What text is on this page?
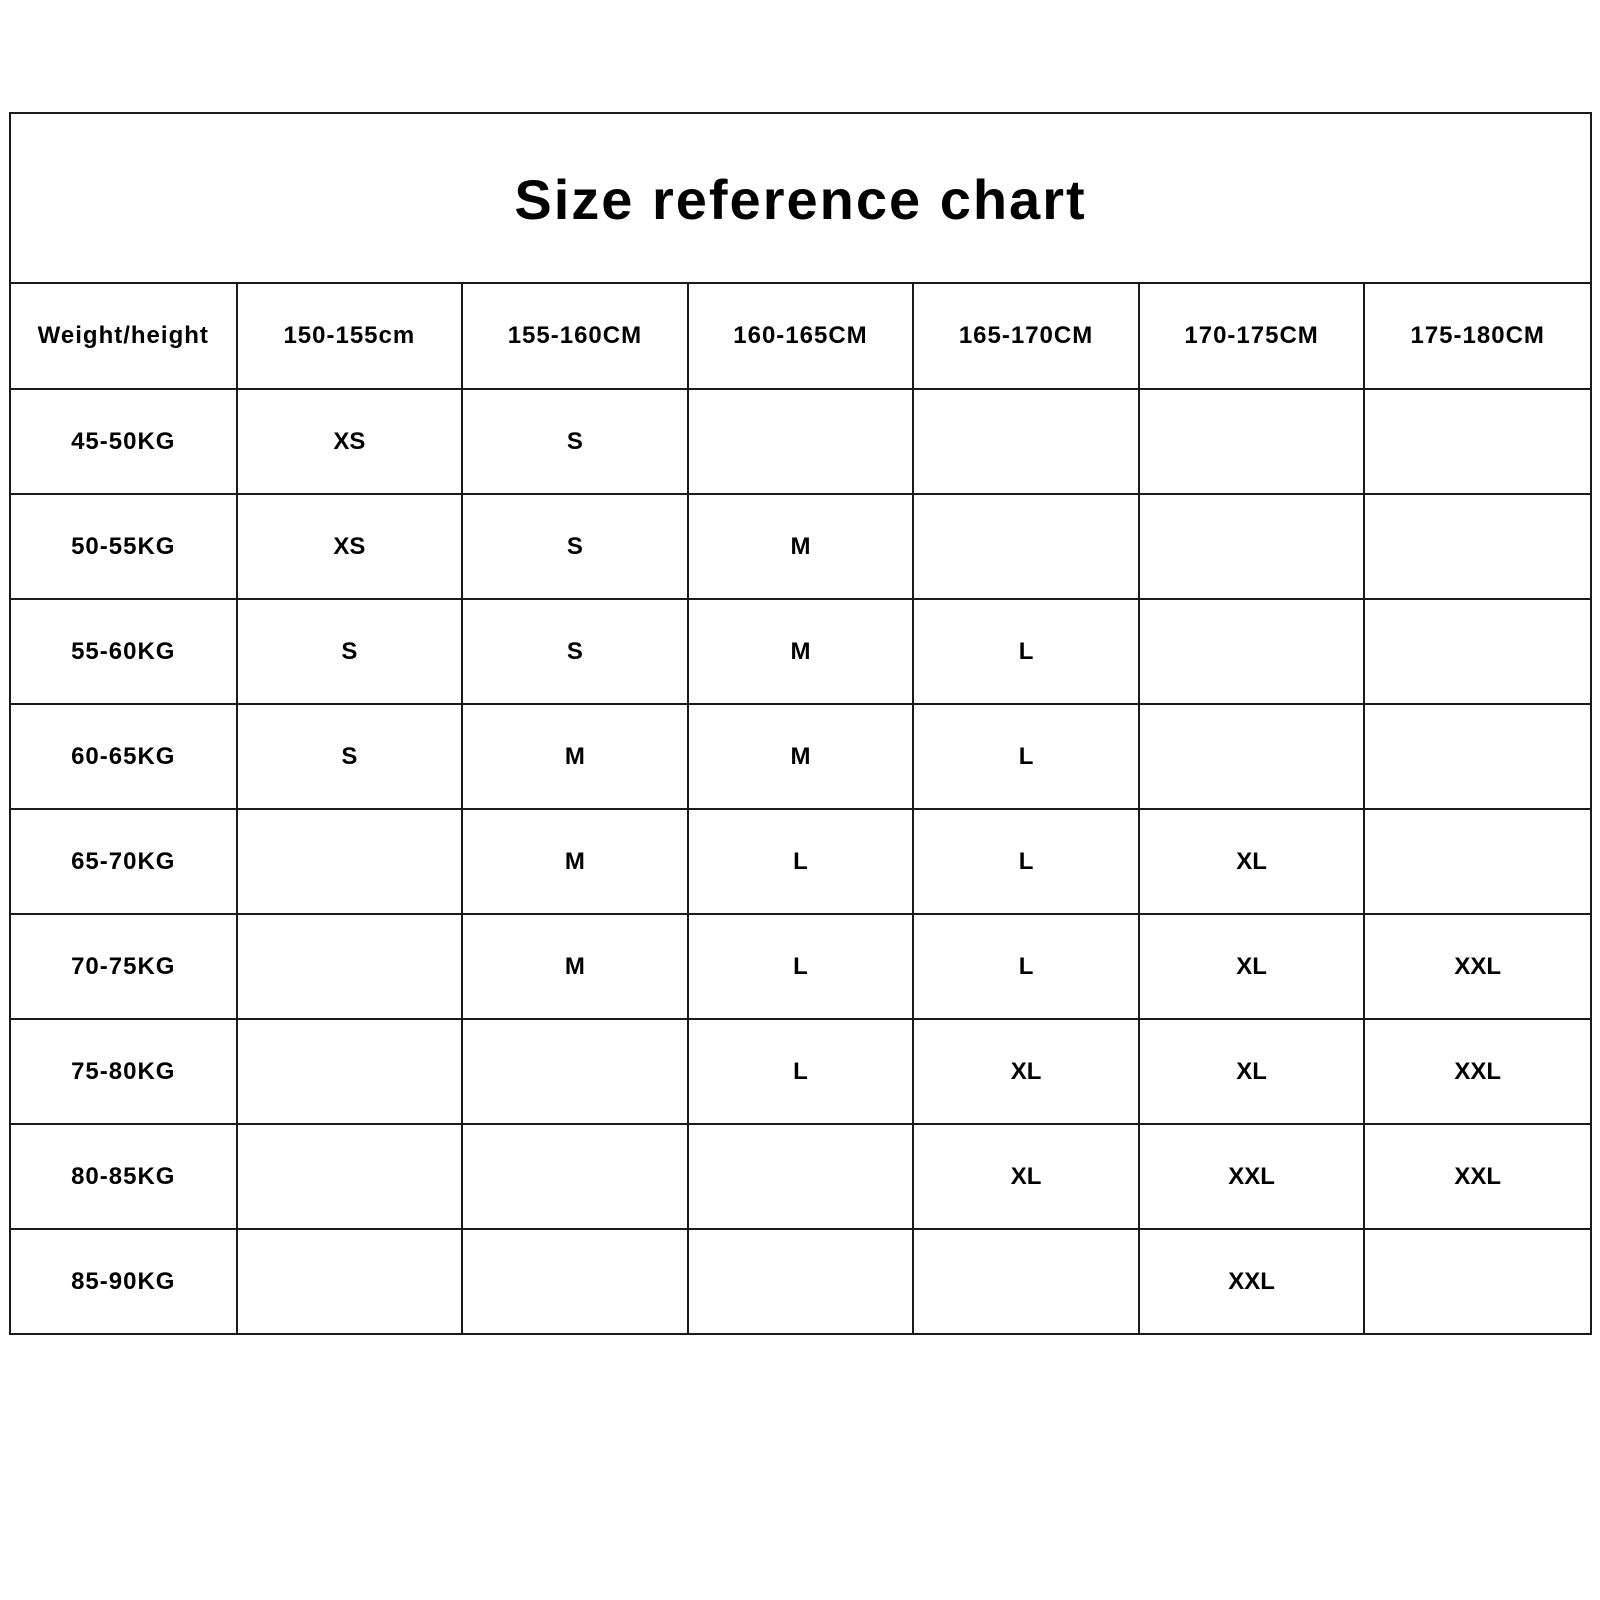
Size reference chart
Weight/height	150-155cm	155-160CM	160-165CM	165-170CM	170-175CM	175-180CM
45-50KG	XS	S				
50-55KG	XS	S	M			
55-60KG	S	S	M	L		
60-65KG	S	M	M	L		
65-70KG		M	L	L	XL	
70-75KG		M	L	L	XL	XXL
75-80KG			L	XL	XL	XXL
80-85KG				XL	XXL	XXL
85-90KG					XXL	
